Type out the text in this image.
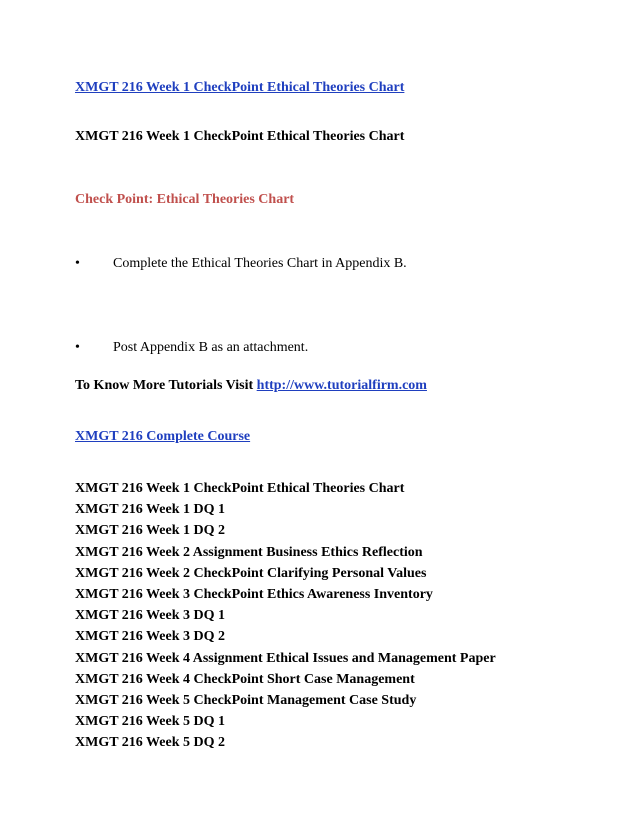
XMGT 216 Week 1 CheckPoint Ethical Theories Chart
XMGT 216 Week 1 CheckPoint Ethical Theories Chart
Check Point: Ethical Theories Chart
• Complete the Ethical Theories Chart in Appendix B.
• Post Appendix B as an attachment.
To Know More Tutorials Visit http://www.tutorialfirm.com
XMGT 216 Complete Course
XMGT 216 Week 1 CheckPoint Ethical Theories Chart
XMGT 216 Week 1 DQ 1
XMGT 216 Week 1 DQ 2
XMGT 216 Week 2 Assignment Business Ethics Reflection
XMGT 216 Week 2 CheckPoint Clarifying Personal Values
XMGT 216 Week 3 CheckPoint Ethics Awareness Inventory
XMGT 216 Week 3 DQ 1
XMGT 216 Week 3 DQ 2
XMGT 216 Week 4 Assignment Ethical Issues and Management Paper
XMGT 216 Week 4 CheckPoint Short Case Management
XMGT 216 Week 5 CheckPoint Management Case Study
XMGT 216 Week 5 DQ 1
XMGT 216 Week 5 DQ 2
